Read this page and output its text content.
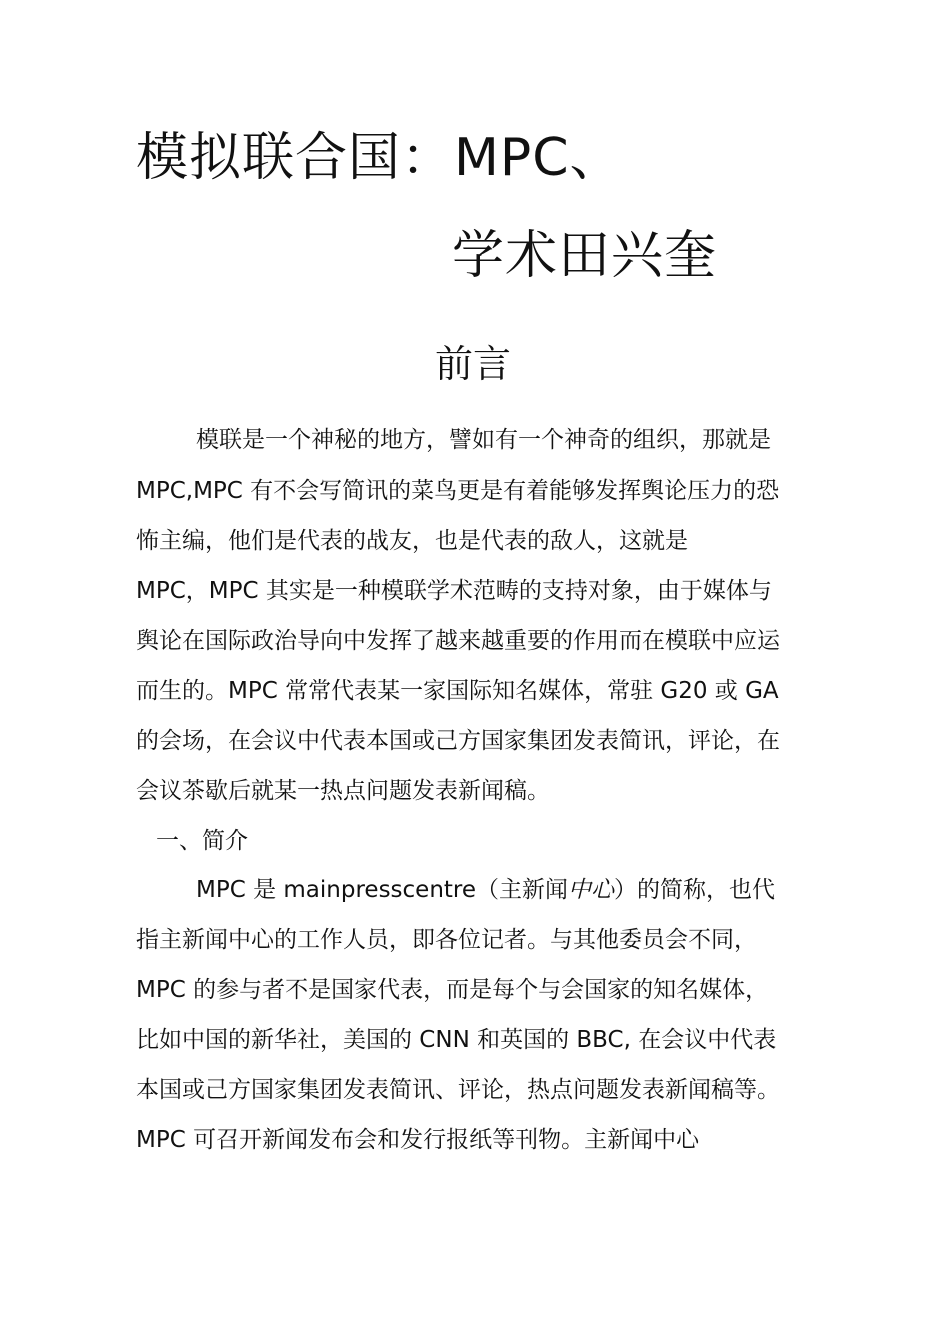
模拟联合国：MPC、
学术田兴奎
前言
模联是一个神秘的地方，譬如有一个神奇的组织，那就是
MPC,MPC 有不会写简讯的菜鸟更是有着能够发挥舆论压力的恐
怖主编，他们是代表的战友，也是代表的敌人，这就是
MPC，MPC 其实是一种模联学术范畴的支持对象，由于媒体与
舆论在国际政治导向中发挥了越来越重要的作用而在模联中应运
而生的。MPC 常常代表某一家国际知名媒体，常驻 G20 或 GA
的会场，在会议中代表本国或己方国家集团发表简讯，评论，在
会议茶歇后就某一热点问题发表新闻稿。
一、简介
MPC 是 mainpresscentre（主新闻中心）的简称，也代
指主新闻中心的工作人员，即各位记者。与其他委员会不同，
MPC 的参与者不是国家代表，而是每个与会国家的知名媒体，
比如中国的新华社，美国的 CNN 和英国的 BBC, 在会议中代表
本国或己方国家集团发表简讯、评论，热点问题发表新闻稿等。
MPC 可召开新闻发布会和发行报纸等刊物。主新闻中心
